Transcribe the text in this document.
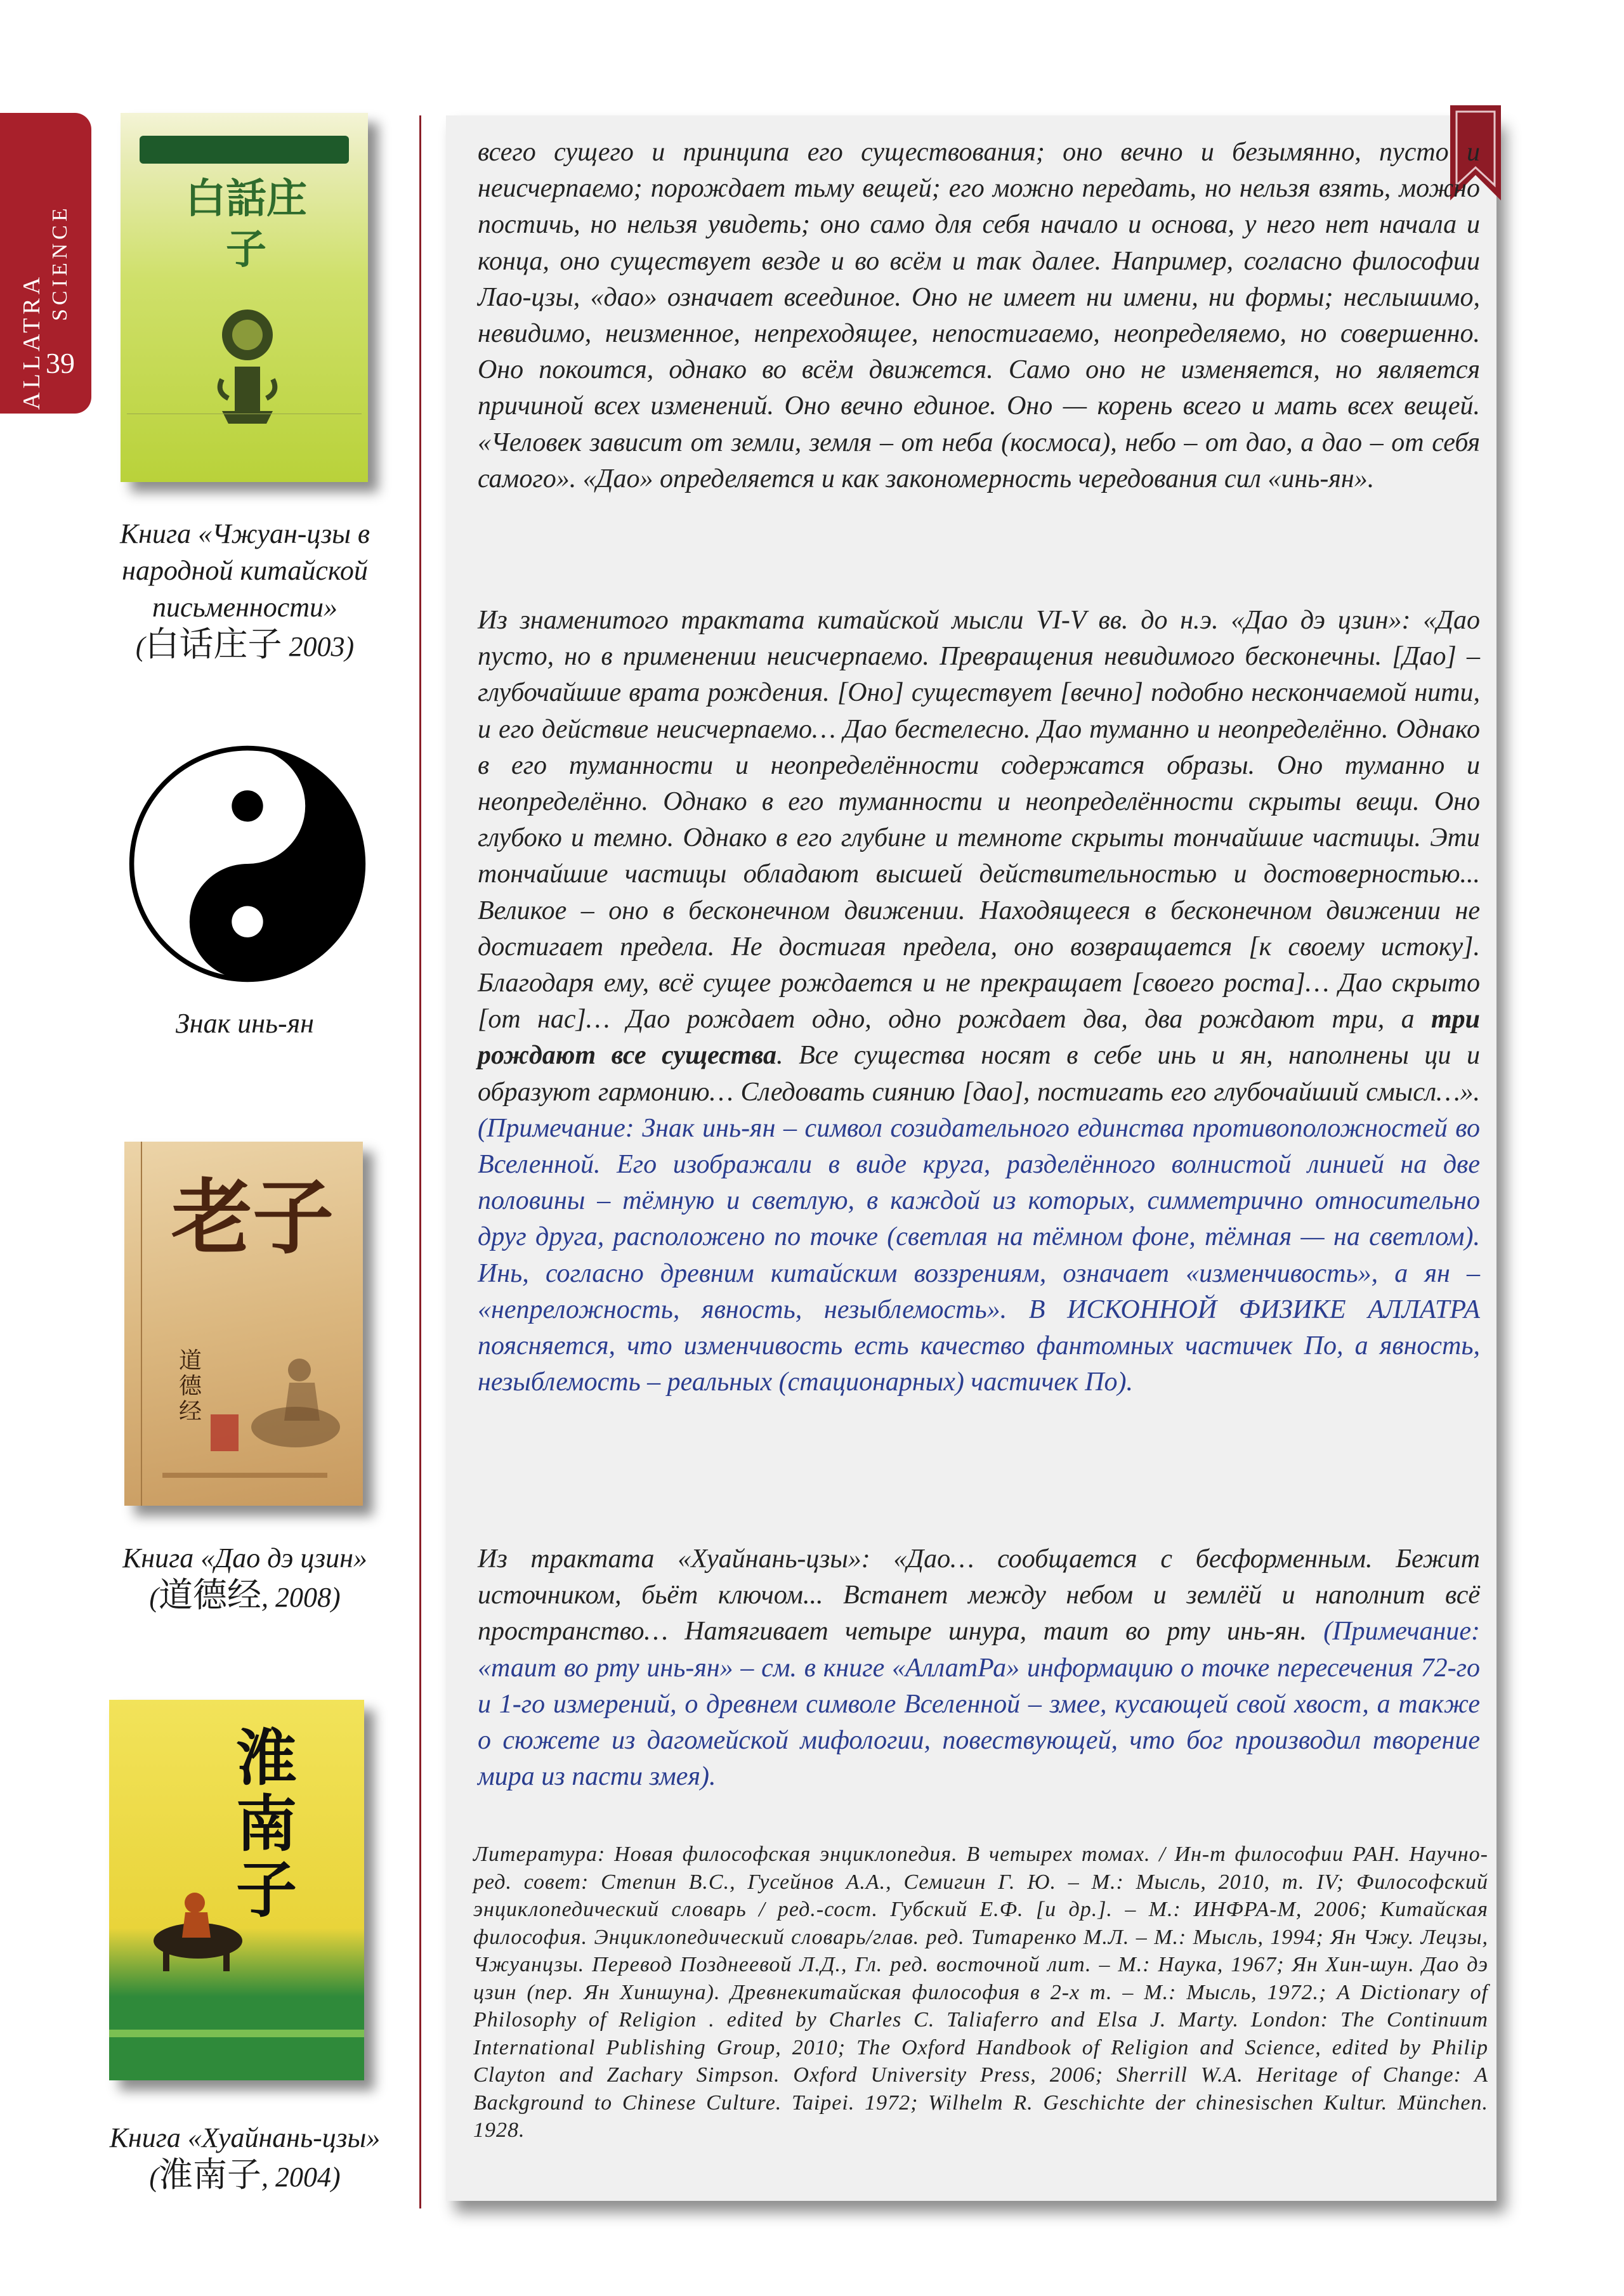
ALLATRA
SCIENCE
39
白話庄子
Книга «Чжуан-цзы в народной китайской письменности»
(白话庄子 2003)
Знак инь-ян
老子
道德经
Книга «Дао дэ цзин»
(道德经, 2008)
淮南子
Книга «Хуайнань-цзы»
(淮南子, 2004)

всего сущего и принципа его существования; оно вечно и безымянно, пусто и неисчерпаемо; порождает тьму вещей; его можно передать, но нельзя взять, можно постичь, но нельзя увидеть; оно само для себя начало и основа, у него нет начала и конца, оно существует везде и во всём и так далее. Например, согласно философии Лао-цзы, «дао» означает всеединое. Оно не имеет ни имени, ни формы; неслышимо, невидимо, неизменное, непреходящее, непостигаемо, неопределяемо, но совершенно. Оно покоится, однако во всём движется. Само оно не изменяется, но является причиной всех изменений. Оно вечно единое. Оно — корень всего и мать всех вещей. «Человек зависит от земли, земля – от неба (космоса), небо – от дао, а дао – от себя самого». «Дао» определяется и как закономерность чередования сил «инь-ян».

Из знаменитого трактата китайской мысли VI-V вв. до н.э. «Дао дэ цзин»: «Дао пусто, но в применении неисчерпаемо. Превращения невидимого бесконечны. [Дао] – глубочайшие врата рождения. [Оно] существует [вечно] подобно нескончаемой нити, и его действие неисчерпаемо… Дао бестелесно. Дао туманно и неопределённо. Однако в его туманности и неопределённости содержатся образы. Оно туманно и неопределённо. Однако в его туманности и неопределённости скрыты вещи. Оно глубоко и темно. Однако в его глубине и темноте скрыты тончайшие частицы. Эти тончайшие частицы обладают высшей действительностью и достоверностью... Великое – оно в бесконечном движении. Находящееся в бесконечном движении не достигает предела. Не достигая предела, оно возвращается [к своему истоку]. Благодаря ему, всё сущее рождается и не прекращает [своего роста]… Дао скрыто [от нас]… Дао рождает одно, одно рождает два, два рождают три, а три рождают все существа. Все существа носят в себе инь и ян, наполнены ци и образуют гармонию… Следовать сиянию [дао], постигать его глубочайший смысл…». (Примечание: Знак инь-ян – символ созидательного единства противоположностей во Вселенной. Его изображали в виде круга, разделённого волнистой линией на две половины – тёмную и светлую, в каждой из которых, симметрично относительно друг друга, расположено по точке (светлая на тёмном фоне, тёмная — на светлом). Инь, согласно древним китайским воззрениям, означает «изменчивость», а ян – «непреложность, явность, незыблемость». В ИСКОННОЙ ФИЗИКЕ АЛЛАТРА поясняется, что изменчивость есть качество фантомных частичек По, а явность, незыблемость – реальных (стационарных) частичек По).

Из трактата «Хуайнань-цзы»: «Дао… сообщается с бесформенным. Бежит источником, бьёт ключом... Встанет между небом и землёй и наполнит всё пространство… Натягивает четыре шнура, таит во рту инь-ян. (Примечание: «таит во рту инь-ян» – см. в книге «АллатРа» информацию о точке пересечения 72-го и 1-го измерений, о древнем символе Вселенной – змее, кусающей свой хвост, а также о сюжете из дагомейской мифологии, повествующей, что бог производил творение мира из пасти змея).

Литература: Новая философская энциклопедия. В четырех томах. / Ин-т философии РАН. Научно-ред. совет: Степин В.С., Гусейнов А.А., Семигин Г. Ю. – М.: Мысль, 2010, т. IV; Философский энциклопедический словарь / ред.-сост. Губский Е.Ф. [и др.]. – М.: ИНФРА-М, 2006; Китайская философия. Энциклопедический словарь/глав. ред. Титаренко М.Л. – М.: Мысль, 1994; Ян Чжу. Лецзы, Чжуанцзы. Перевод Позднеевой Л.Д., Гл. ред. восточной лит. – М.: Наука, 1967; Ян Хин-шун. Дао дэ цзин (пер. Ян Хиншуна). Древнекитайская философия в 2-х т. – М.: Мысль, 1972.; A Dictionary of Philosophy of Religion . edited by Charles C. Taliaferro and Elsa J. Marty. London: The Continuum International Publishing Group, 2010; The Oxford Handbook of Religion and Science, edited by Philip Clayton and Zachary Simpson. Oxford University Press, 2006; Sherrill W.A. Heritage of Change: A Background to Chinese Culture. Taipei. 1972; Wilhelm R. Geschichte der chinesischen Kultur. München. 1928.
